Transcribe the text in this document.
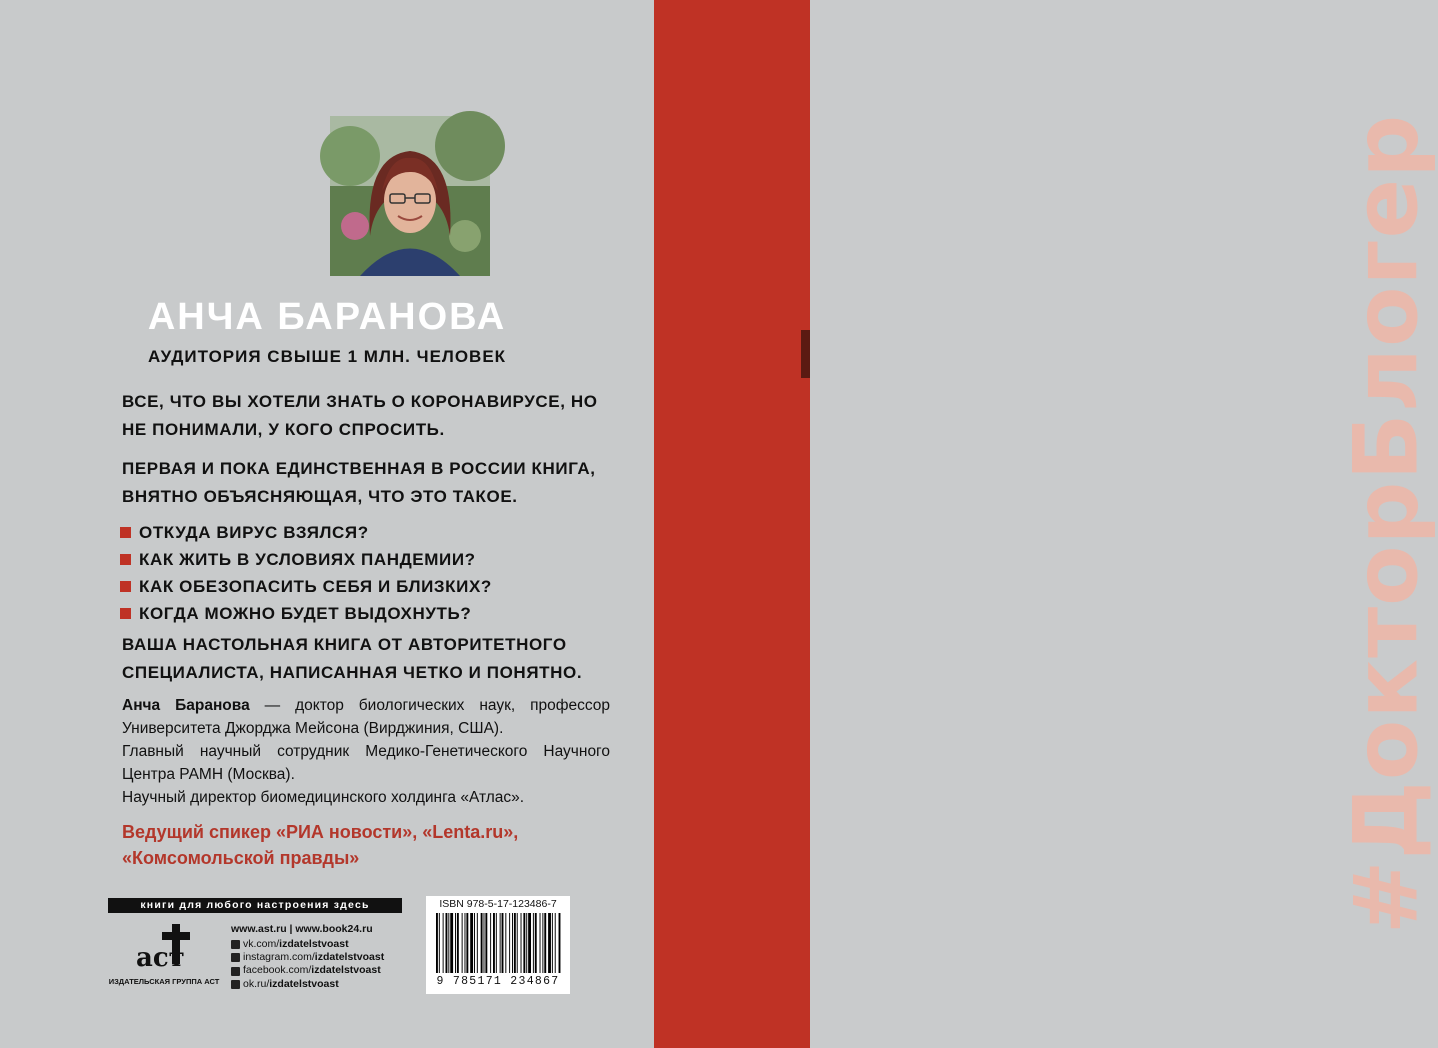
#ДокторБлогер
АНЧА БАРАНОВА
АУДИТОРИЯ СВЫШЕ 1 МЛН. ЧЕЛОВЕК
ВСЕ, ЧТО ВЫ ХОТЕЛИ ЗНАТЬ О КОРОНАВИРУСЕ, НО НЕ ПОНИМАЛИ, У КОГО СПРОСИТЬ.
ПЕРВАЯ И ПОКА ЕДИНСТВЕННАЯ В РОССИИ КНИГА, ВНЯТНО ОБЪЯСНЯЮЩАЯ, ЧТО ЭТО ТАКОЕ.
ОТКУДА ВИРУС ВЗЯЛСЯ?
КАК ЖИТЬ В УСЛОВИЯХ ПАНДЕМИИ?
КАК ОБЕЗОПАСИТЬ СЕБЯ И БЛИЗКИХ?
КОГДА МОЖНО БУДЕТ ВЫДОХНУТЬ?
ВАША НАСТОЛЬНАЯ КНИГА ОТ АВТОРИТЕТНОГО СПЕЦИАЛИСТА, НАПИСАННАЯ ЧЕТКО И ПОНЯТНО.

Анча Баранова — доктор биологических наук, профессор Университета Джорджа Мейсона (Вирджиния, США).

Главный научный сотрудник Медико-Генетического Научного Центра РАМН (Москва).

Научный директор биомедицинского холдинга «Атлас».

Ведущий спикер «РИА новости», «Lenta.ru», «Комсомольской правды»
книги для любого настроения здесь
аст
ИЗДАТЕЛЬСКАЯ ГРУППА АСТ
www.ast.ru | www.book24.ru
vk.com/ izdatelstvoast
instagram.com/ izdatelstvoast
facebook.com/ izdatelstvoast
ok.ru/ izdatelstvoast
ISBN 978-5-17-123486-7
9 785171 234867
